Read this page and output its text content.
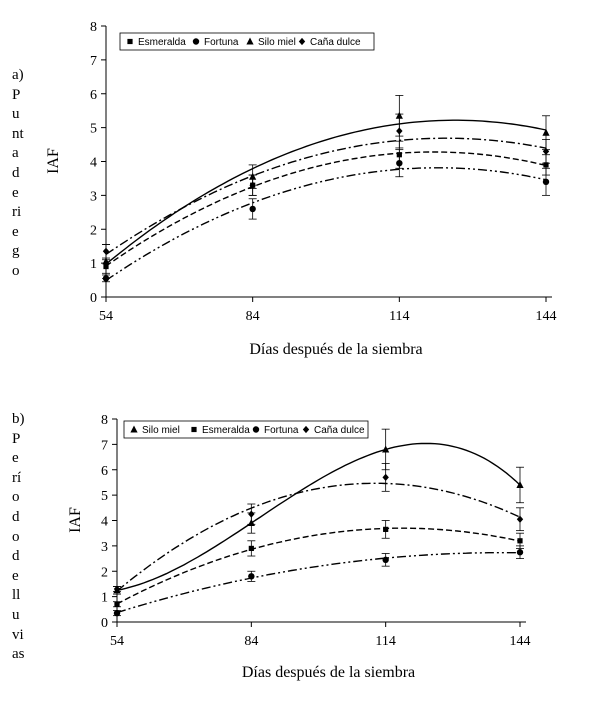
a)
P
u
nt
a
d
e
ri
e
g
o
b)
P
e
rí
o
d
o
d
e
ll
u
vi
as
0
1
2
3
4
5
6
7
8
54	84	114	144
Días después de la siembra
IAF
Esmeralda Fortuna Silo miel Caña dulce
0
1
2
3
4
5
6
7
8
54	84	114	144
Días después de la siembra
IAF
Silo miel Esmeralda Fortuna Caña dulce
